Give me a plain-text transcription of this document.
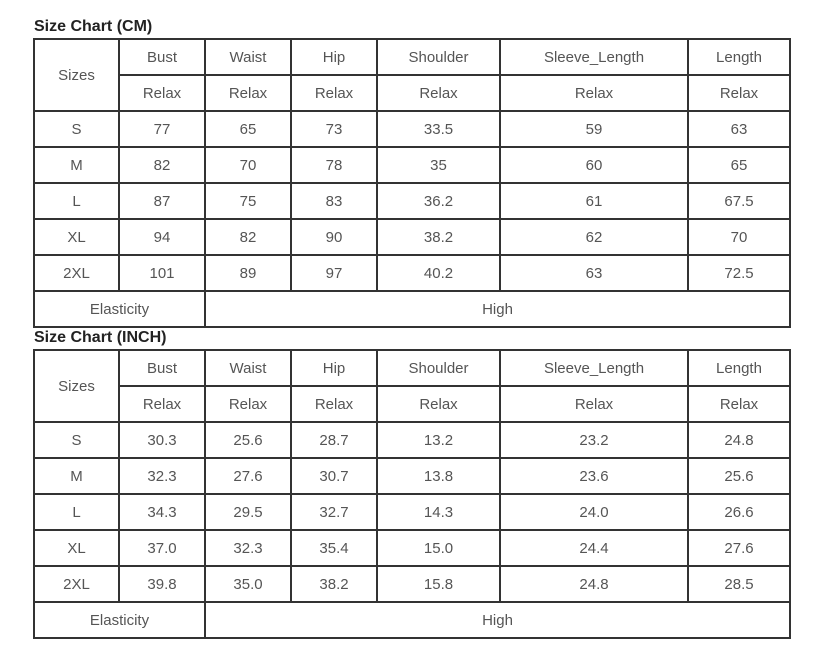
Size Chart (CM)
Sizes	Bust	Waist	Hip	Shoulder	Sleeve_Length	Length
	Relax	Relax	Relax	Relax	Relax	Relax
S	77	65	73	33.5	59	63
M	82	70	78	35	60	65
L	87	75	83	36.2	61	67.5
XL	94	82	90	38.2	62	70
2XL	101	89	97	40.2	63	72.5
Elasticity		High				
Size Chart (INCH)
Sizes	Bust	Waist	Hip	Shoulder	Sleeve_Length	Length
	Relax	Relax	Relax	Relax	Relax	Relax
S	30.3	25.6	28.7	13.2	23.2	24.8
M	32.3	27.6	30.7	13.8	23.6	25.6
L	34.3	29.5	32.7	14.3	24.0	26.6
XL	37.0	32.3	35.4	15.0	24.4	27.6
2XL	39.8	35.0	38.2	15.8	24.8	28.5
Elasticity		High				
